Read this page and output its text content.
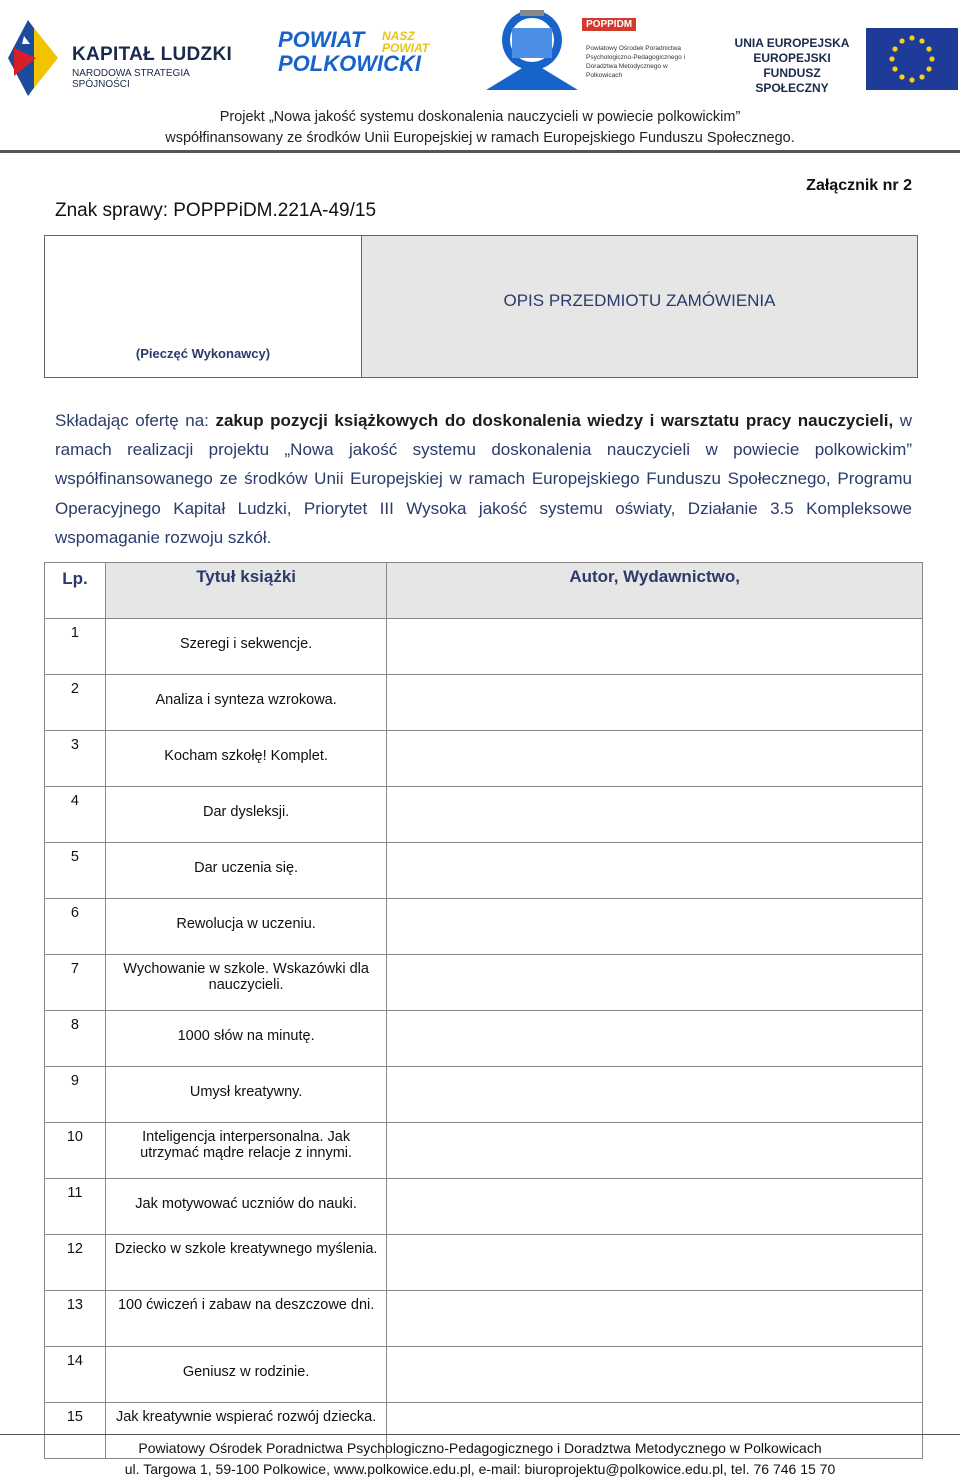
KAPITAŁ LUDZKI
NARODOWA STRATEGIA SPÓJNOŚCI
POWIAT
POLKOWICKI
NASZ
POWIAT
POPPIDM
Powiatowy Ośrodek Poradnictwa Psychologiczno-Pedagogicznego i Doradztwa Metodycznego w Polkowicach
UNIA EUROPEJSKA
EUROPEJSKI
FUNDUSZ SPOŁECZNY
Projekt „Nowa jakość systemu doskonalenia nauczycieli w powiecie polkowickim”
współfinansowany ze środków Unii Europejskiej w ramach Europejskiego Funduszu Społecznego.
Znak sprawy: POPPPiDM.221A-49/15
Załącznik nr 2
(Pieczęć Wykonawcy)
OPIS PRZEDMIOTU ZAMÓWIENIA
Składając ofertę na: zakup pozycji książkowych do doskonalenia wiedzy i warsztatu pracy nauczycieli, w ramach realizacji projektu „Nowa jakość systemu doskonalenia nauczycieli w powiecie polkowickim” współfinansowanego ze środków Unii Europejskiej w ramach Europejskiego Funduszu Społecznego, Programu Operacyjnego Kapitał Ludzki, Priorytet III Wysoka jakość systemu oświaty, Działanie 3.5 Kompleksowe wspomaganie rozwoju szkół.
Lp.	Tytuł książki	Autor, Wydawnictwo,
1	Szeregi i sekwencje.	

2	Analiza i synteza wzrokowa.	

3	Kocham szkołę! Komplet.	

4	Dar dysleksji.	

5	Dar uczenia się.	

6	Rewolucja w uczeniu.	

7	Wychowanie w szkole. Wskazówki dla nauczycieli.	

8	1000 słów na minutę.	

9	Umysł kreatywny.	

10	Inteligencja interpersonalna. Jak utrzymać mądre relacje z innymi.	

11	Jak motywować uczniów do nauki.	

12	Dziecko w szkole kreatywnego myślenia.	

13	100 ćwiczeń i zabaw na deszczowe dni.	

14	Geniusz w rodzinie.	

15	Jak kreatywnie wspierać rozwój dziecka.	

Powiatowy Ośrodek Poradnictwa Psychologiczno-Pedagogicznego i Doradztwa Metodycznego w Polkowicach
ul. Targowa 1, 59-100 Polkowice, www.polkowice.edu.pl, e-mail: biuroprojektu@polkowice.edu.pl, tel. 76 746 15 70
